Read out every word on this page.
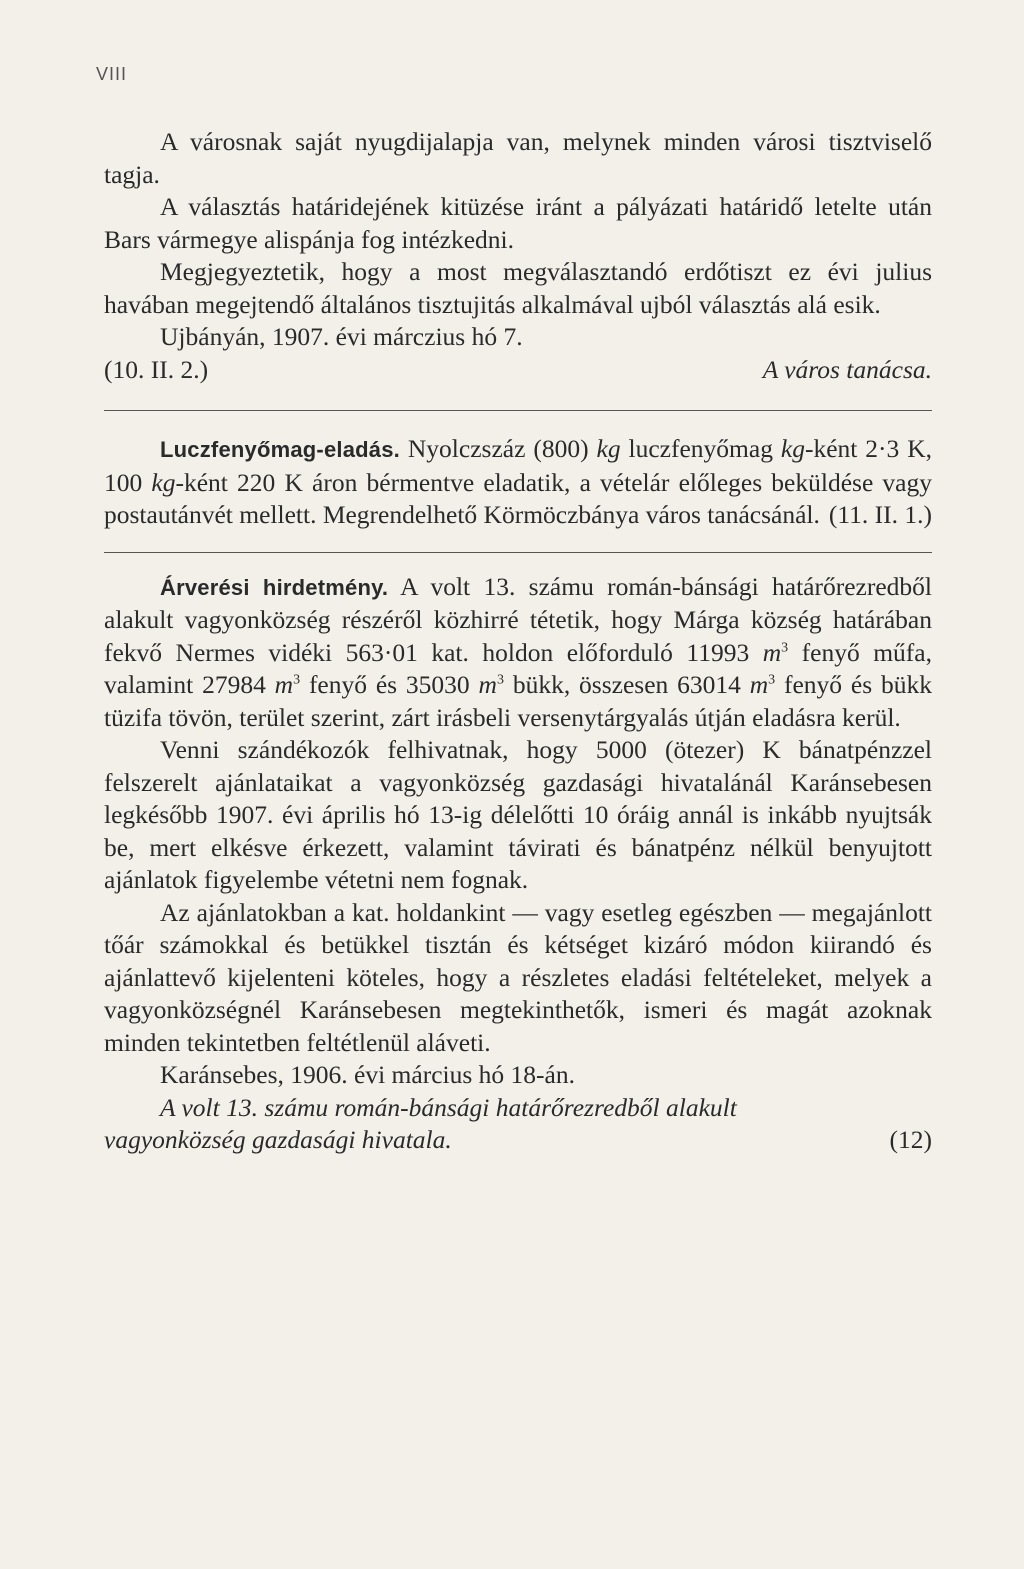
VIII

A városnak saját nyugdijalapja van, melynek minden városi tisztviselő tagja.

A választás határidejének kitüzése iránt a pályázati határidő letelte után Bars vármegye alispánja fog intézkedni.

Megjegyeztetik, hogy a most megválasztandó erdőtiszt ez évi julius havában megejtendő általános tisztujitás alkalmával ujból választás alá esik.

Ujbányán, 1907. évi márczius hó 7.

(10. II. 2.)	A város tanácsa.

Luczfenyőmag-eladás. Nyolczszáz (800) kg luczfenyőmag kg-ként 2·3 K, 100 kg-ként 220 K áron bérmentve eladatik, a vételár előleges beküldése vagy postautánvét mellett. Megrendelhető Körmöczbánya város tanácsánál. (11. II. 1.)

Árverési hirdetmény. A volt 13. számu román-bánsági határőrezredből alakult vagyonközség részéről közhirré tétetik, hogy Márga község határában fekvő Nermes vidéki 563·01 kat. holdon előforduló 11993 $m^3$ fenyő műfa, valamint 27984 $m^3$ fenyő és 35030 $m^3$ bükk, összesen 63014 $m^3$ fenyő és bükk tüzifa tövön, terület szerint, zárt irásbeli versenytárgyalás útján eladásra kerül.

Venni szándékozók felhivatnak, hogy 5000 (ötezer) K bánatpénzzel felszerelt ajánlataikat a vagyonközség gazdasági hivatalánál Karánsebesen legkésőbb 1907. évi április hó 13-ig délelőtti 10 óráig annál is inkább nyujtsák be, mert elkésve érkezett, valamint távirati és bánatpénz nélkül benyujtott ajánlatok figyelembe vétetni nem fognak.

Az ajánlatokban a kat. holdankint — vagy esetleg egészben — megajánlott tőár számokkal és betükkel tisztán és kétséget kizáró módon kiirandó és ajánlattevő kijelenteni köteles, hogy a részletes eladási feltételeket, melyek a vagyonközségnél Karánsebesen megtekinthetők, ismeri és magát azoknak minden tekintetben feltétlenül aláveti.

Karánsebes, 1906. évi március hó 18-án.

A volt 13. számu román-bánsági határőrezredből alakult

vagyonközség gazdasági hivatala.	(12)
